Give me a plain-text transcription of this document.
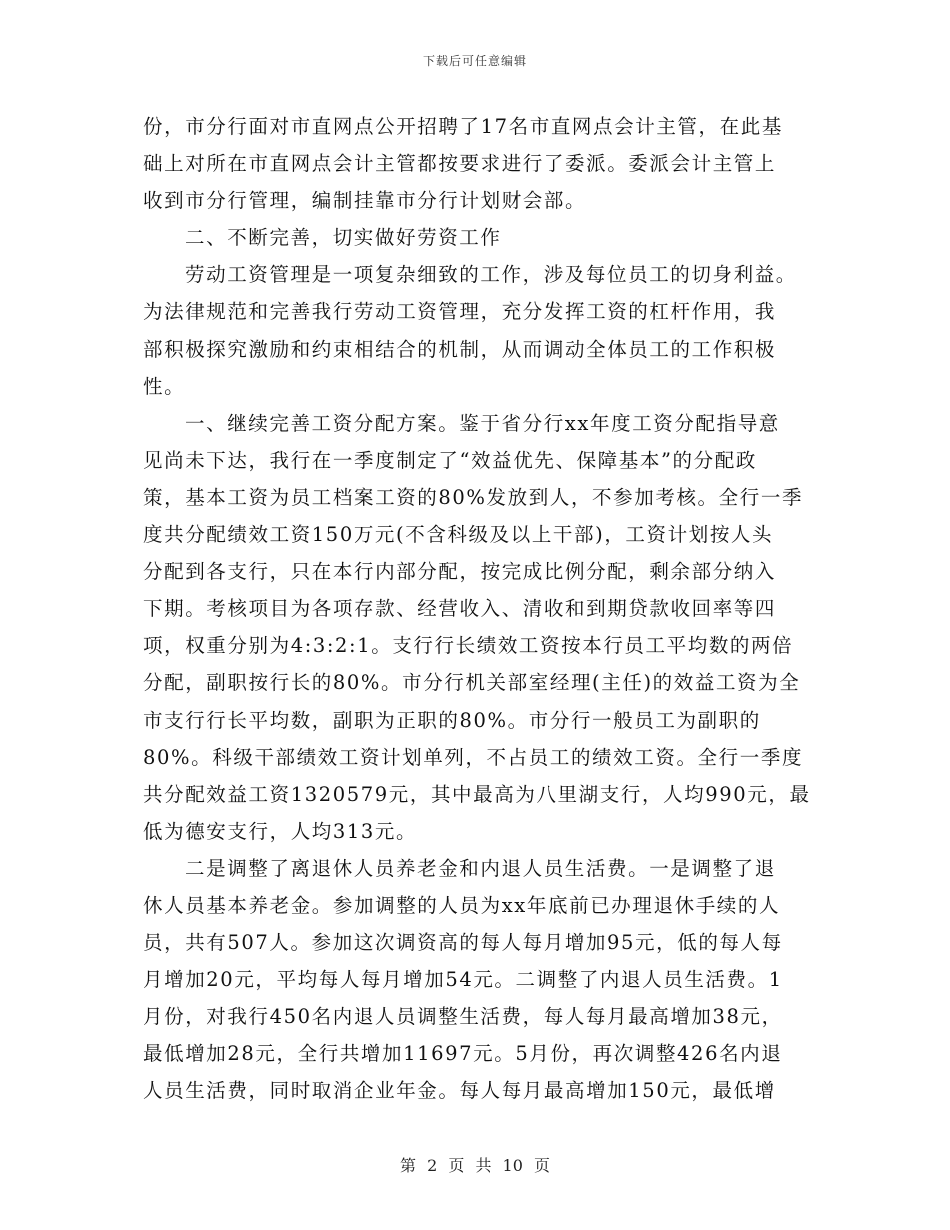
下载后可任意编辑
份，市分行面对市直网点公开招聘了17名市直网点会计主管，在此基
础上对所在市直网点会计主管都按要求进行了委派。委派会计主管上
收到市分行管理，编制挂靠市分行计划财会部。
二、不断完善，切实做好劳资工作
劳动工资管理是一项复杂细致的工作，涉及每位员工的切身利益。
为法律规范和完善我行劳动工资管理，充分发挥工资的杠杆作用，我
部积极探究激励和约束相结合的机制，从而调动全体员工的工作积极
性。
一、继续完善工资分配方案。鉴于省分行xx年度工资分配指导意
见尚未下达，我行在一季度制定了“效益优先、保障基本”的分配政
策，基本工资为员工档案工资的80%发放到人，不参加考核。全行一季
度共分配绩效工资150万元(不含科级及以上干部)，工资计划按人头
分配到各支行，只在本行内部分配，按完成比例分配，剩余部分纳入
下期。考核项目为各项存款、经营收入、清收和到期贷款收回率等四
项，权重分别为4:3:2:1。支行行长绩效工资按本行员工平均数的两倍
分配，副职按行长的80%。市分行机关部室经理(主任)的效益工资为全
市支行行长平均数，副职为正职的80%。市分行一般员工为副职的
80%。科级干部绩效工资计划单列，不占员工的绩效工资。全行一季度
共分配效益工资1320579元，其中最高为八里湖支行，人均990元，最
低为德安支行，人均313元。
二是调整了离退休人员养老金和内退人员生活费。一是调整了退
休人员基本养老金。参加调整的人员为xx年底前已办理退休手续的人
员，共有507人。参加这次调资高的每人每月增加95元，低的每人每
月增加20元，平均每人每月增加54元。二调整了内退人员生活费。1
月份，对我行450名内退人员调整生活费，每人每月最高增加38元，
最低增加28元，全行共增加11697元。5月份，再次调整426名内退
人员生活费，同时取消企业年金。每人每月最高增加150元，最低增
第 2 页 共 10 页
